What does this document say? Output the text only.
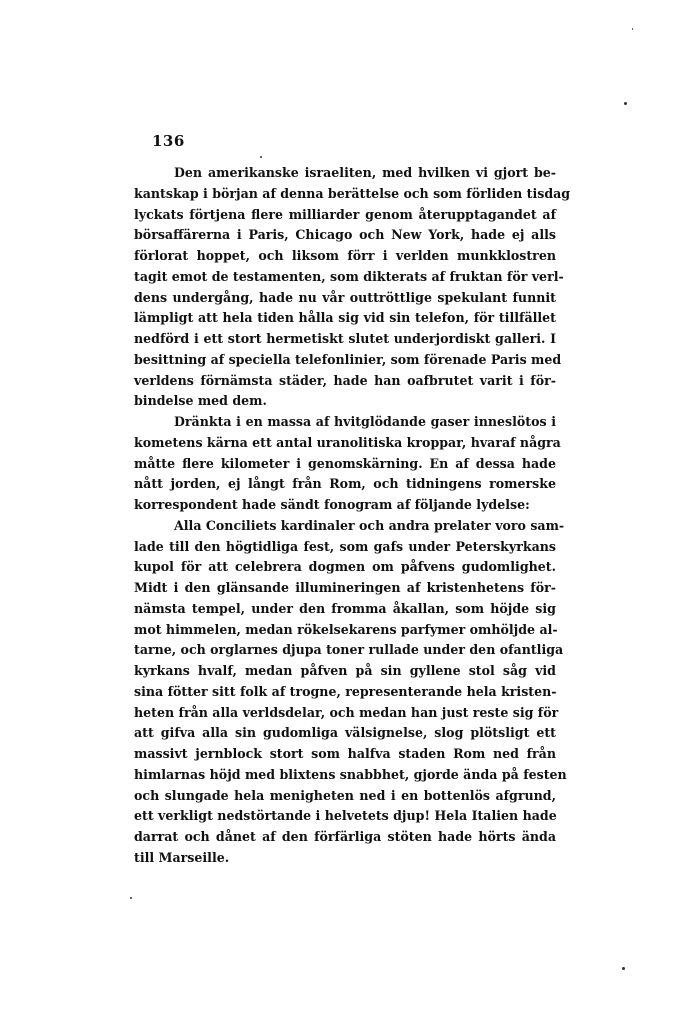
136
Den amerikanske israeliten, med hvilken vi gjort be-
kantskap i början af denna berättelse och som förliden tisdag
lyckats förtjena flere milliarder genom återupptagandet af
börsaffärerna i Paris, Chicago och New York, hade ej alls
förlorat hoppet, och liksom förr i verlden munkklostren
tagit emot de testamenten, som dikterats af fruktan för verl-
dens undergång, hade nu vår outtröttlige spekulant funnit
lämpligt att hela tiden hålla sig vid sin telefon, för tillfället
nedförd i ett stort hermetiskt slutet underjordiskt galleri. I
besittning af speciella telefonlinier, som förenade Paris med
verldens förnämsta städer, hade han oafbrutet varit i för-
bindelse med dem.
Dränkta i en massa af hvitglödande gaser inneslötos i
kometens kärna ett antal uranolitiska kroppar, hvaraf några
måtte flere kilometer i genomskärning. En af dessa hade
nått jorden, ej långt från Rom, och tidningens romerske
korrespondent hade sändt fonogram af följande lydelse:
Alla Conciliets kardinaler och andra prelater voro sam-
lade till den högtidliga fest, som gafs under Peterskyrkans
kupol för att celebrera dogmen om påfvens gudomlighet.
Midt i den glänsande illumineringen af kristenhetens för-
nämsta tempel, under den fromma åkallan, som höjde sig
mot himmelen, medan rökelsekarens parfymer omhöljde al-
tarne, och orglarnes djupa toner rullade under den ofantliga
kyrkans hvalf, medan påfven på sin gyllene stol såg vid
sina fötter sitt folk af trogne, representerande hela kristen-
heten från alla verldsdelar, och medan han just reste sig för
att gifva alla sin gudomliga välsignelse, slog plötsligt ett
massivt jernblock stort som halfva staden Rom ned från
himlarnas höjd med blixtens snabbhet, gjorde ända på festen
och slungade hela menigheten ned i en bottenlös afgrund,
ett verkligt nedstörtande i helvetets djup! Hela Italien hade
darrat och dånet af den förfärliga stöten hade hörts ända
till Marseille.
